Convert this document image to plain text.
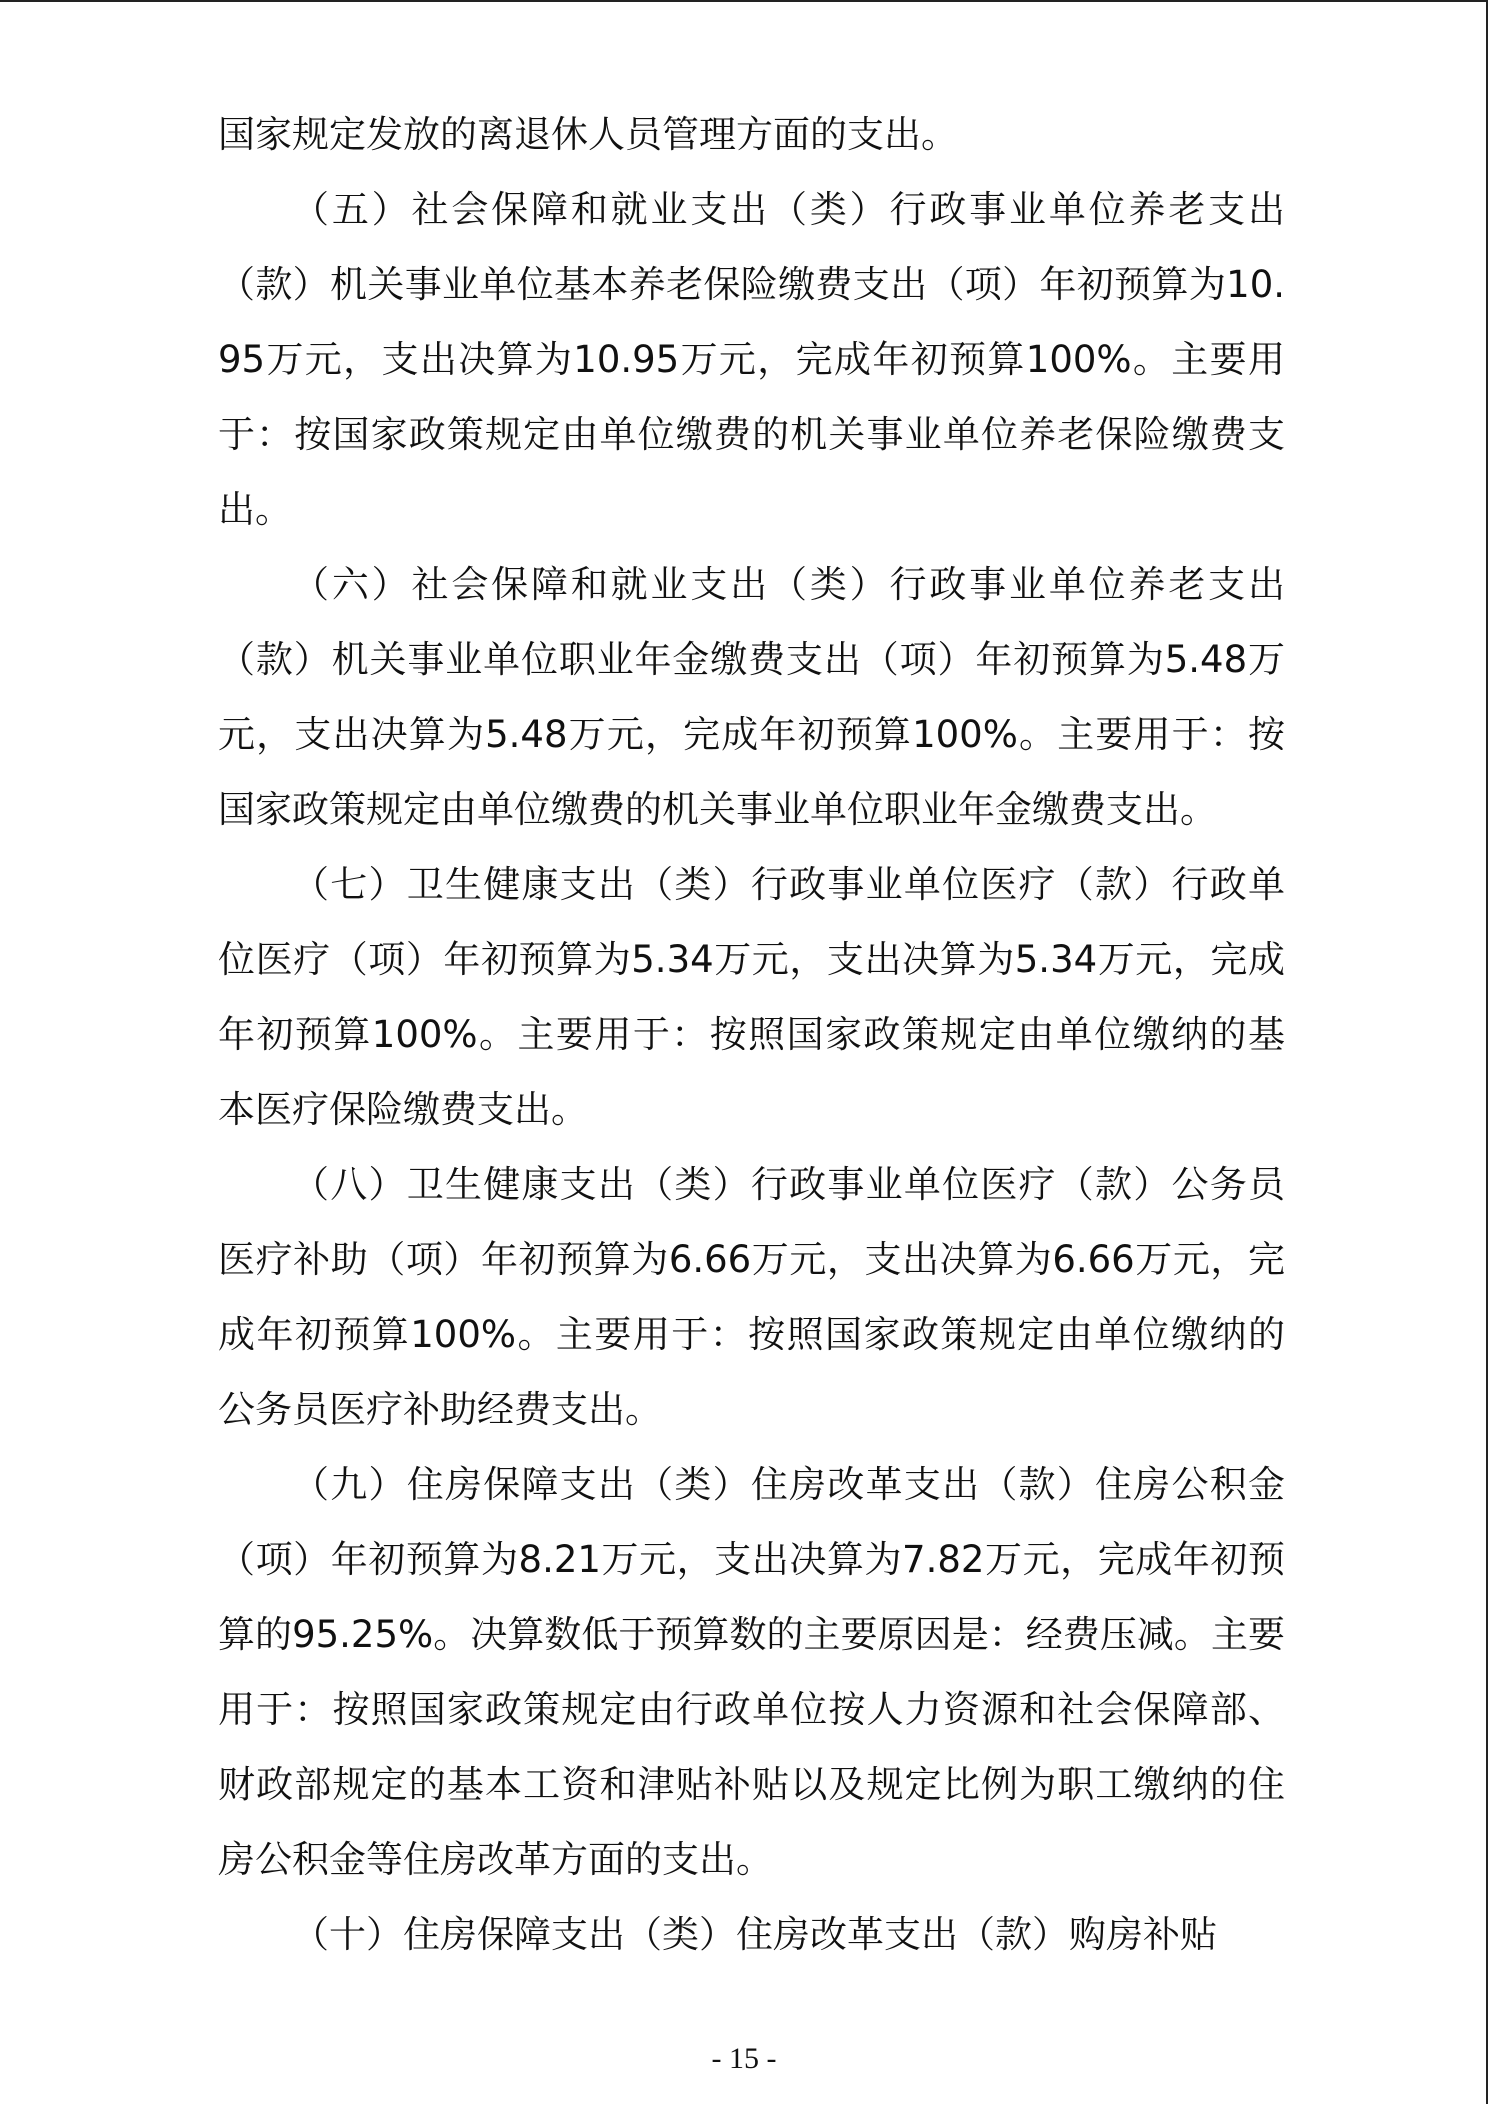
国家规定发放的离退休人员管理方面的支出。

（五）社会保障和就业支出（类）行政事业单位养老支出（款）机关事业单位基本养老保险缴费支出（项）年初预算为10.95万元，支出决算为10.95万元，完成年初预算100%。主要用于：按国家政策规定由单位缴费的机关事业单位养老保险缴费支出。

（六）社会保障和就业支出（类）行政事业单位养老支出（款）机关事业单位职业年金缴费支出（项）年初预算为5.48万元，支出决算为5.48万元，完成年初预算100%。主要用于：按国家政策规定由单位缴费的机关事业单位职业年金缴费支出。

（七）卫生健康支出（类）行政事业单位医疗（款）行政单位医疗（项）年初预算为5.34万元，支出决算为5.34万元，完成年初预算100%。主要用于：按照国家政策规定由单位缴纳的基本医疗保险缴费支出。

（八）卫生健康支出（类）行政事业单位医疗（款）公务员医疗补助（项）年初预算为6.66万元，支出决算为6.66万元，完成年初预算100%。主要用于：按照国家政策规定由单位缴纳的公务员医疗补助经费支出。

（九）住房保障支出（类）住房改革支出（款）住房公积金（项）年初预算为8.21万元，支出决算为7.82万元，完成年初预算的95.25%。决算数低于预算数的主要原因是：经费压减。主要用于：按照国家政策规定由行政单位按人力资源和社会保障部、财政部规定的基本工资和津贴补贴以及规定比例为职工缴纳的住房公积金等住房改革方面的支出。

（十）住房保障支出（类）住房改革支出（款）购房补贴

- 15 -
